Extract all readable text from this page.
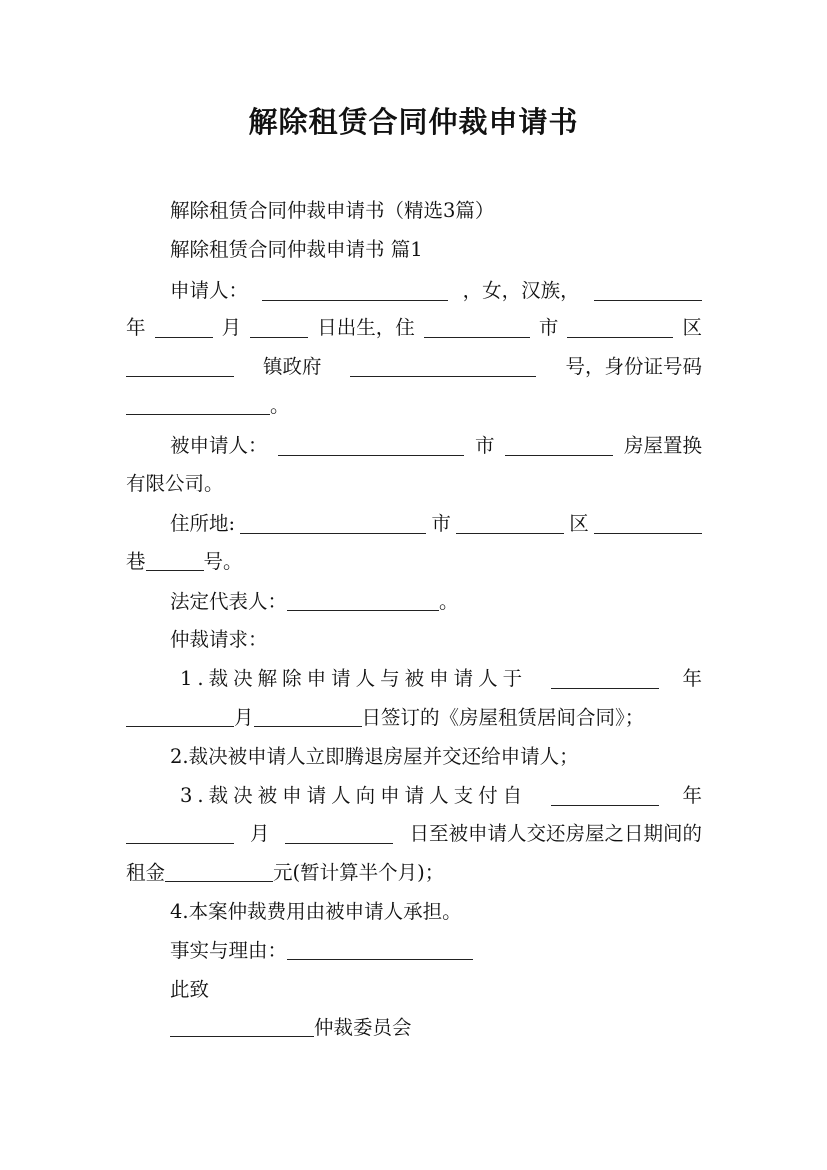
解除租赁合同仲裁申请书
解除租赁合同仲裁申请书（精选3篇）
解除租赁合同仲裁申请书 篇1
申请人：	，女，汉族，
年	月	日出生，住	市	区
镇政府	号，身份证号码
。
被申请人：	市	房屋置换
有限公司。
住所地:	市	区
巷	号。
法定代表人：	。
仲裁请求：
1.裁决解除申请人与被申请人于	年
月	日签订的《房屋租赁居间合同》；
2.裁决被申请人立即腾退房屋并交还给申请人；
3.裁决被申请人向申请人支付自	年
月	日至被申请人交还房屋之日期间的
租金	元(暂计算半个月)；
4.本案仲裁费用由被申请人承担。
事实与理由：
此致
仲裁委员会
